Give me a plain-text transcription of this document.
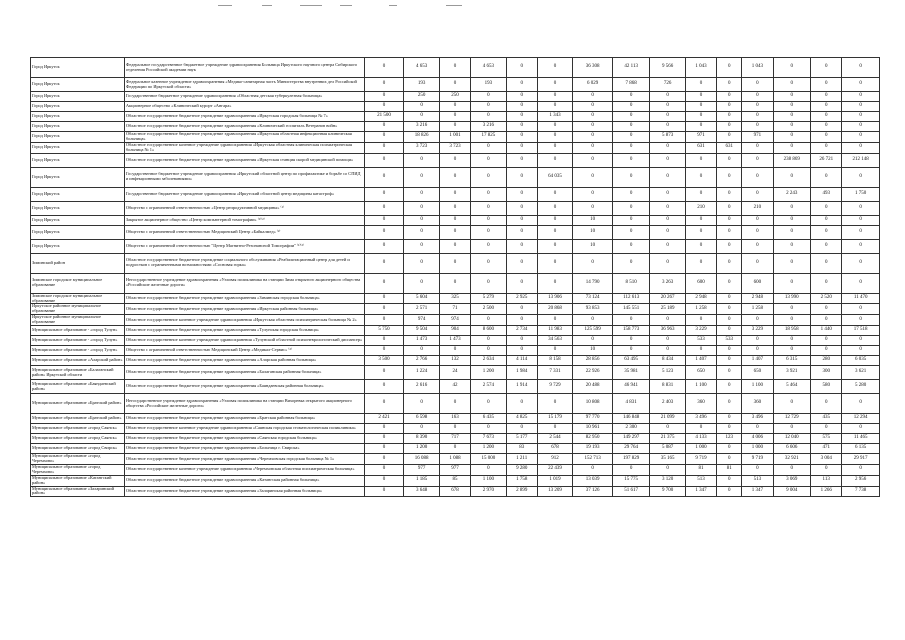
Город Иркутск	Федеральное государственное бюджетное учреждение здравоохранения Больница Иркутского научного центра Сибирского отделения Российской академии наук	0	4 653	0	4 653	0	0	36 308	42 113	9 566	1 043	0	1 043	0	0	0
Город Иркутск	Федеральное казенное учреждение здравоохранения «Медико-санитарная часть Министерства внутренних дел Российской Федерации по Иркутской области»	0	193	0	193	0	0	6 029	7 868	726	0	0	0	0	0	0
Город Иркутск	Государственное бюджетное учреждение здравоохранения «Областная детская туберкулезная больница»	0	250	250	0	0	0	0	0	0	0	0	0	0	0	0
Город Иркутск	Акционерное общество «Клинический курорт «Ангара»	0	0	0	0	0	0	0	0	0	0	0	0	0	0	0
Город Иркутск	Областное государственное бюджетное учреждение здравоохранения «Иркутская городская больница № 7»	21 500	0	0	0	0	1 343	0	0	0	0	0	0	0	0	0
Город Иркутск	Областное государственное бюджетное учреждение здравоохранения «Клинический госпиталь Ветеранов войн»	0	3 216	0	3 216	0	0	0	0	0	0	0	0	0	0	0
Город Иркутск	Областное государственное бюджетное учреждение здравоохранения «Иркутская областная инфекционная клиническая больница»	0	18 826	1 001	17 825	0	0	0	0	5 873	971	0	971	0	0	0
Город Иркутск	Областное государственное казенное учреждение здравоохранения «Иркутская областная клиническая психиатрическая больница № 1»	0	3 723	3 723	0	0	0	0	0	0	631	631	0	0	0	0
Город Иркутск	Областное государственное бюджетное учреждение здравоохранения «Иркутская станция скорой медицинской помощи»	0	0	0	0	0	0	0	0	0	0	0	0	238 869	26 721	212 148
Город Иркутск	Государственное бюджетное учреждение здравоохранения «Иркутский областной центр по профилактике и борьбе со СПИД и инфекционными заболеваниями»	0	0	0	0	0	64 035	0	0	0	0	0	0	0	0	0
Город Иркутск	Государственное бюджетное учреждение здравоохранения «Иркутский областной центр медицины катастроф»	0	0	0	0	0	0	0	0	0	0	0	0	2 243	493	1 750
Город Иркутск	Общество с ограниченной ответственностью «Центр репродуктивной медицины» ⁽¹⁾	0	0	0	0	0	0	0	0	0	210	0	210	0	0	0
Город Иркутск	Закрытое акционерное общество «Центр компьютерной томографии» ⁽¹⁾⁽²⁾	0	0	0	0	0	0	10	0	0	0	0	0	0	0	0
Город Иркутск	Общество с ограниченной ответственностью Медицинский Центр «Байкалмед» ⁽²⁾	0	0	0	0	0	0	10	0	0	0	0	0	0	0	0
Город Иркутск	Общество с ограниченной ответственностью "Центр Магнитно-Резонансной Томографии" ⁽¹⁾⁽²⁾	0	0	0	0	0	0	10	0	0	0	0	0	0	0	0
Зиминский район	Областное государственное бюджетное учреждение социального обслуживания «Реабилитационный центр для детей и подростков с ограниченными возможностями «Сосновая горка»	0	0	0	0	0	0	0	0	0	0	0	0	0	0	0
Зиминское городское муниципальное образование	Негосударственное учреждение здравоохранения «Узловая поликлиника на станции Зима открытого акционерного общества «Российские железные дороги»	0	0	0	0	0	0	14 790	8 510	3 263	600	0	600	0	0	0
Зиминское городское муниципальное образование	Областное государственное бюджетное учреждение здравоохранения «Зиминская городская больница»	0	5 604	325	5 279	2 925	13 906	73 124	112 613	20 267	2 948	0	2 948	13 990	2 520	11 470
Иркутское районное муниципальное образование	Областное государственное бюджетное учреждение здравоохранения «Иркутская районная больница»	0	2 571	71	2 500	0	20 868	93 853	145 551	25 189	1 258	0	1 258	0	0	0
Иркутское районное муниципальное образование	Областное государственное казенное учреждение здравоохранения «Иркутская областная психиатрическая больница № 2»	0	974	974	0	0	0	0	0	0	0	0	0	0	0	0
Муниципальное образование - «город Тулун»	Областное государственное бюджетное учреждение здравоохранения «Тулунская городская больница»	5 750	9 504	904	8 600	2 734	11 983	125 599	158 773	36 963	3 229	0	3 229	18 958	1 440	17 518
Муниципальное образование - «город Тулун»	Областное государственное казенное учреждение здравоохранения «Тулунский областной психоневрологический диспансер»	0	1 473	1 473	0	0	34 563	0	0	0	533	533	0	0	0	0
Муниципальное образование - «город Тулун»	Общество с ограниченной ответственностью Медицинский Центр «Медикал-Сервис» ⁽²⁾	0	0	0	0	0	0	10	0	0	0	0	0	0	0	0
Муниципальное образование «Аларский район»	Областное государственное бюджетное учреждение здравоохранения «Аларская районная больница»	3 500	2 766	132	2 634	4 114	8 158	28 856	63 495	8 434	1 407	0	1 407	6 315	280	6 035
Муниципальное образование «Балаганский район» Иркутской области	Областное государственное бюджетное учреждение здравоохранения «Балаганская районная больница»	0	1 224	24	1 200	1 984	7 331	22 926	35 981	5 123	650	0	650	3 921	300	3 621
Муниципальное образование «Баяндаевский район»	Областное государственное бюджетное учреждение здравоохранения «Баяндаевская районная больница»	0	2 616	42	2 574	1 914	9 729	20 488	46 941	8 831	1 100	0	1 100	5 464	580	5 280
Муниципальное образование «Братский район»	Негосударственное учреждение здравоохранения «Узловая поликлиника на станции Вихоревка открытого акционерного общества «Российские железные дороги»	0	0	0	0	0	0	10 808	4 831	2 403	360	0	360	0	0	0
Муниципальное образование «Братский район»	Областное государственное бюджетное учреждение здравоохранения «Братская районная больница»	2 421	6 598	163	6 435	4 825	15 179	97 770	146 848	21 099	3 496	0	3 496	12 729	435	12 294
Муниципальное образование «город Саянск»	Областное государственное казенное учреждение здравоохранения «Саянская городская стоматологическая поликлиника»	0	0	0	0	0	0	10 961	2 300	0	0	0	0	0	0	0
Муниципальное образование «город Саянск»	Областное государственное бюджетное учреждение здравоохранения «Саянская городская больница»	0	8 390	717	7 673	5 177	2 544	82 950	149 297	21 375	4 133	123	4 006	12 040	575	11 465
Муниципальное образование «город Свирск»	Областное государственное бюджетное учреждение здравоохранения «Больница г. Свирска»	0	1 200	0	1 200	83	678	19 193	29 764	5 087	1 000	0	1 000	6 606	471	6 135
Муниципальное образование «город Черемхово»	Областное государственное бюджетное учреждение здравоохранения «Черемховская городская больница № 1»	0	16 088	1 088	15 000	1 211	912	152 713	197 829	35 165	9 719	0	9 719	32 921	3 004	29 917
Муниципальное образование «город Черемхово»	Областное государственное казенное учреждение здравоохранения «Черемховская областная психиатрическая больница»	0	977	977	0	9 280	22 439	0	0	0	81	81	0	0	0	0
Муниципальное образование «Катангский район»	Областное государственное бюджетное учреждение здравоохранения «Катангская районная больница»	0	1 185	85	1 100	1 758	1 019	13 039	15 775	3 120	513	0	513	3 069	113	2 956
Муниципальное образование «Заларинский район»	Областное государственное бюджетное учреждение здравоохранения «Заларинская районная больница»	0	3 648	678	2 970	2 899	13 209	37 126	51 617	9 700	1 347	0	1 347	9 004	1 266	7 738
